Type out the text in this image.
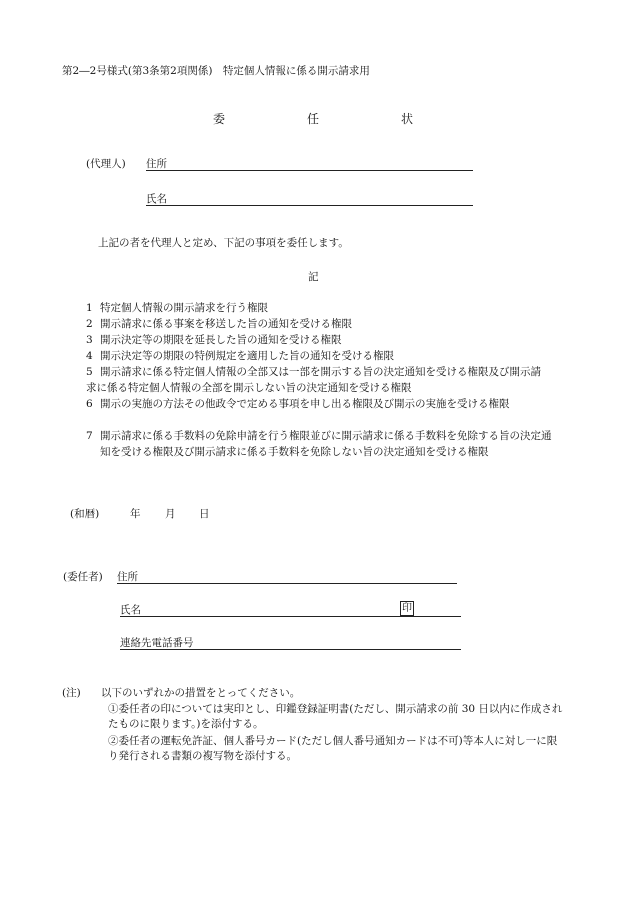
第2―2号様式(第3条第2項関係)　特定個人情報に係る開示請求用
委	任	状
(代理人) 住所
氏名
上記の者を代理人と定め、下記の事項を委任します。
記
1 特定個人情報の開示請求を行う権限
2 開示請求に係る事案を移送した旨の通知を受ける権限
3 開示決定等の期限を延長した旨の通知を受ける権限
4 開示決定等の期限の特例規定を適用した旨の通知を受ける権限
5 開示請求に係る特定個人情報の全部又は一部を開示する旨の決定通知を受ける権限及び開示請求に係る特定個人情報の全部を開示しない旨の決定通知を受ける権限
6 開示の実施の方法その他政令で定める事項を申し出る権限及び開示の実施を受ける権限
7 開示請求に係る手数料の免除申請を行う権限並びに開示請求に係る手数料を免除する旨の決定通知を受ける権限及び開示請求に係る手数料を免除しない旨の決定通知を受ける権限
(和暦)	年 月 日
(委任者) 住所
氏名	印
連絡先電話番号
(注) 以下のいずれかの措置をとってください。
①委任者の印については実印とし、印鑑登録証明書(ただし、開示請求の前 30 日以内に作成されたものに限ります。)を添付する。
②委任者の運転免許証、個人番号カード(ただし個人番号通知カードは不可)等本人に対し一に限り発行される書類の複写物を添付する。
